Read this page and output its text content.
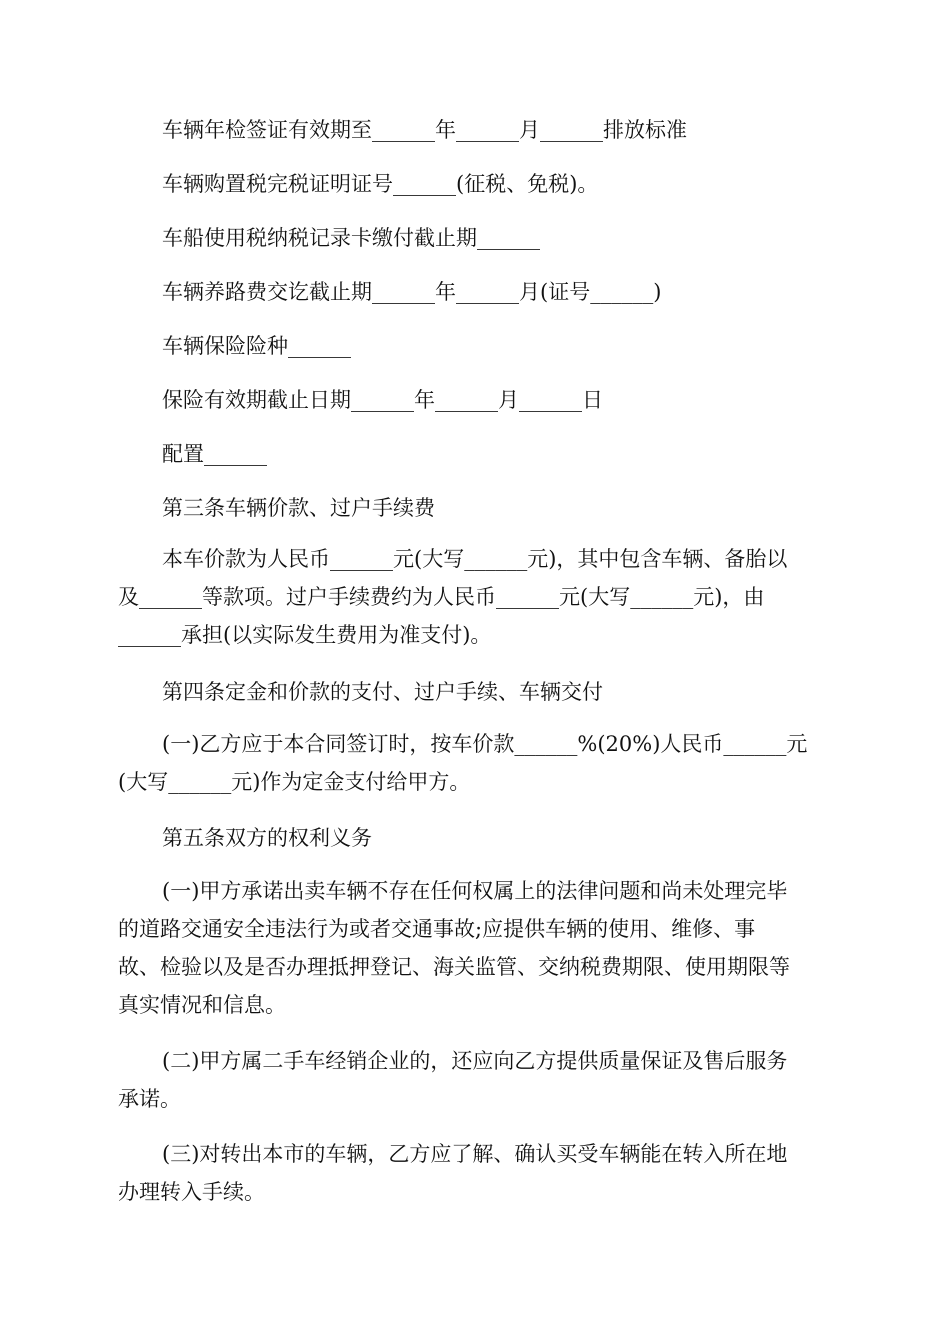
车辆年检签证有效期至______年______月______排放标准
车辆购置税完税证明证号______(征税、免税)。
车船使用税纳税记录卡缴付截止期______
车辆养路费交讫截止期______年______月(证号______)
车辆保险险种______
保险有效期截止日期______年______月______日
配置______
第三条车辆价款、过户手续费
本车价款为人民币______元(大写______元)，其中包含车辆、备胎以
及______等款项。过户手续费约为人民币______元(大写______元)，由
______承担(以实际发生费用为准支付)。
第四条定金和价款的支付、过户手续、车辆交付
(一)乙方应于本合同签订时，按车价款______%(20%)人民币______元
(大写______元)作为定金支付给甲方。
第五条双方的权利义务
(一)甲方承诺出卖车辆不存在任何权属上的法律问题和尚未处理完毕
的道路交通安全违法行为或者交通事故;应提供车辆的使用、维修、事
故、检验以及是否办理抵押登记、海关监管、交纳税费期限、使用期限等
真实情况和信息。
(二)甲方属二手车经销企业的，还应向乙方提供质量保证及售后服务
承诺。
(三)对转出本市的车辆，乙方应了解、确认买受车辆能在转入所在地
办理转入手续。
